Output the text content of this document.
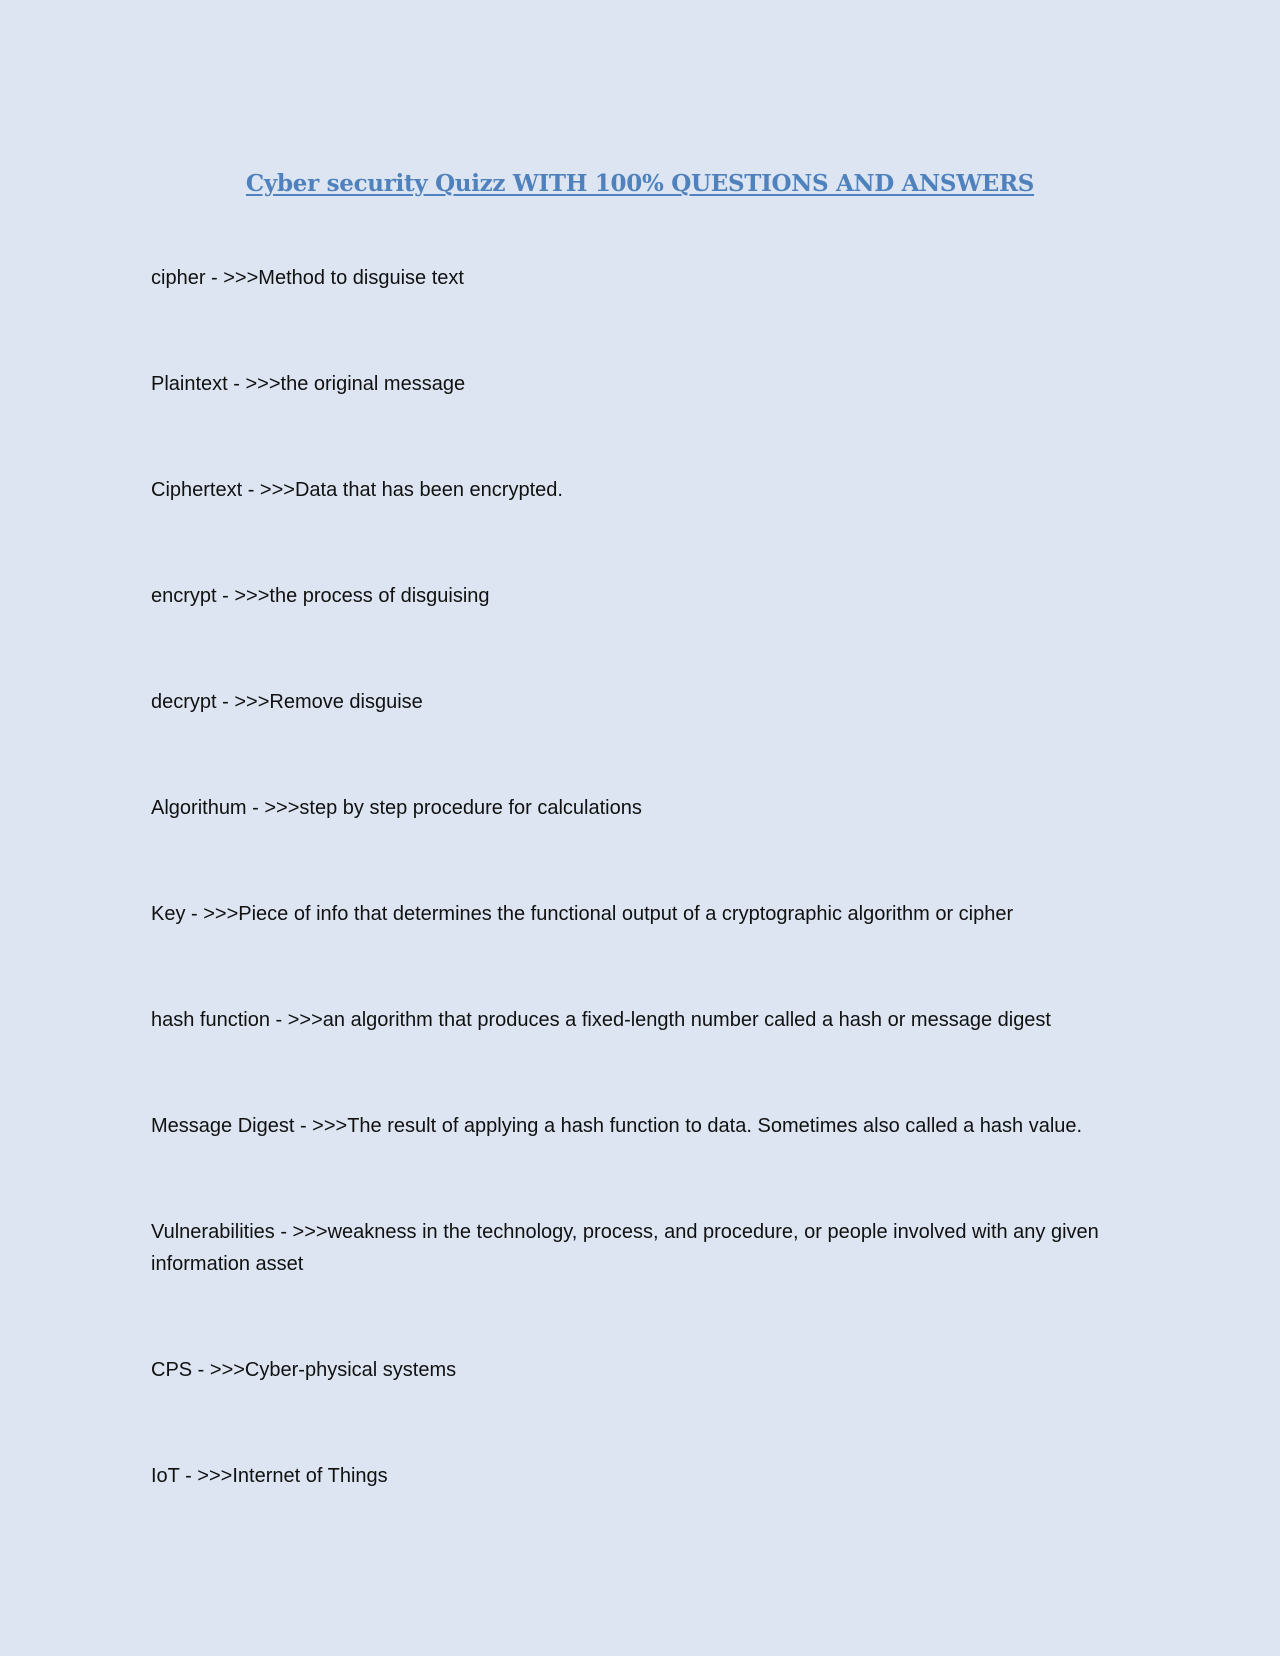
Cyber security Quizz WITH 100% QUESTIONS AND ANSWERS
cipher - >>>Method to disguise text
Plaintext - >>>the original message
Ciphertext - >>>Data that has been encrypted.
encrypt - >>>the process of disguising
decrypt - >>>Remove disguise
Algorithum - >>>step by step procedure for calculations
Key - >>>Piece of info that determines the functional output of a cryptographic algorithm or cipher
hash function - >>>an algorithm that produces a fixed-length number called a hash or message digest
Message Digest - >>>The result of applying a hash function to data. Sometimes also called a hash value.
Vulnerabilities - >>>weakness in the technology, process, and procedure, or people involved with any given information asset
CPS - >>>Cyber-physical systems
IoT - >>>Internet of Things
